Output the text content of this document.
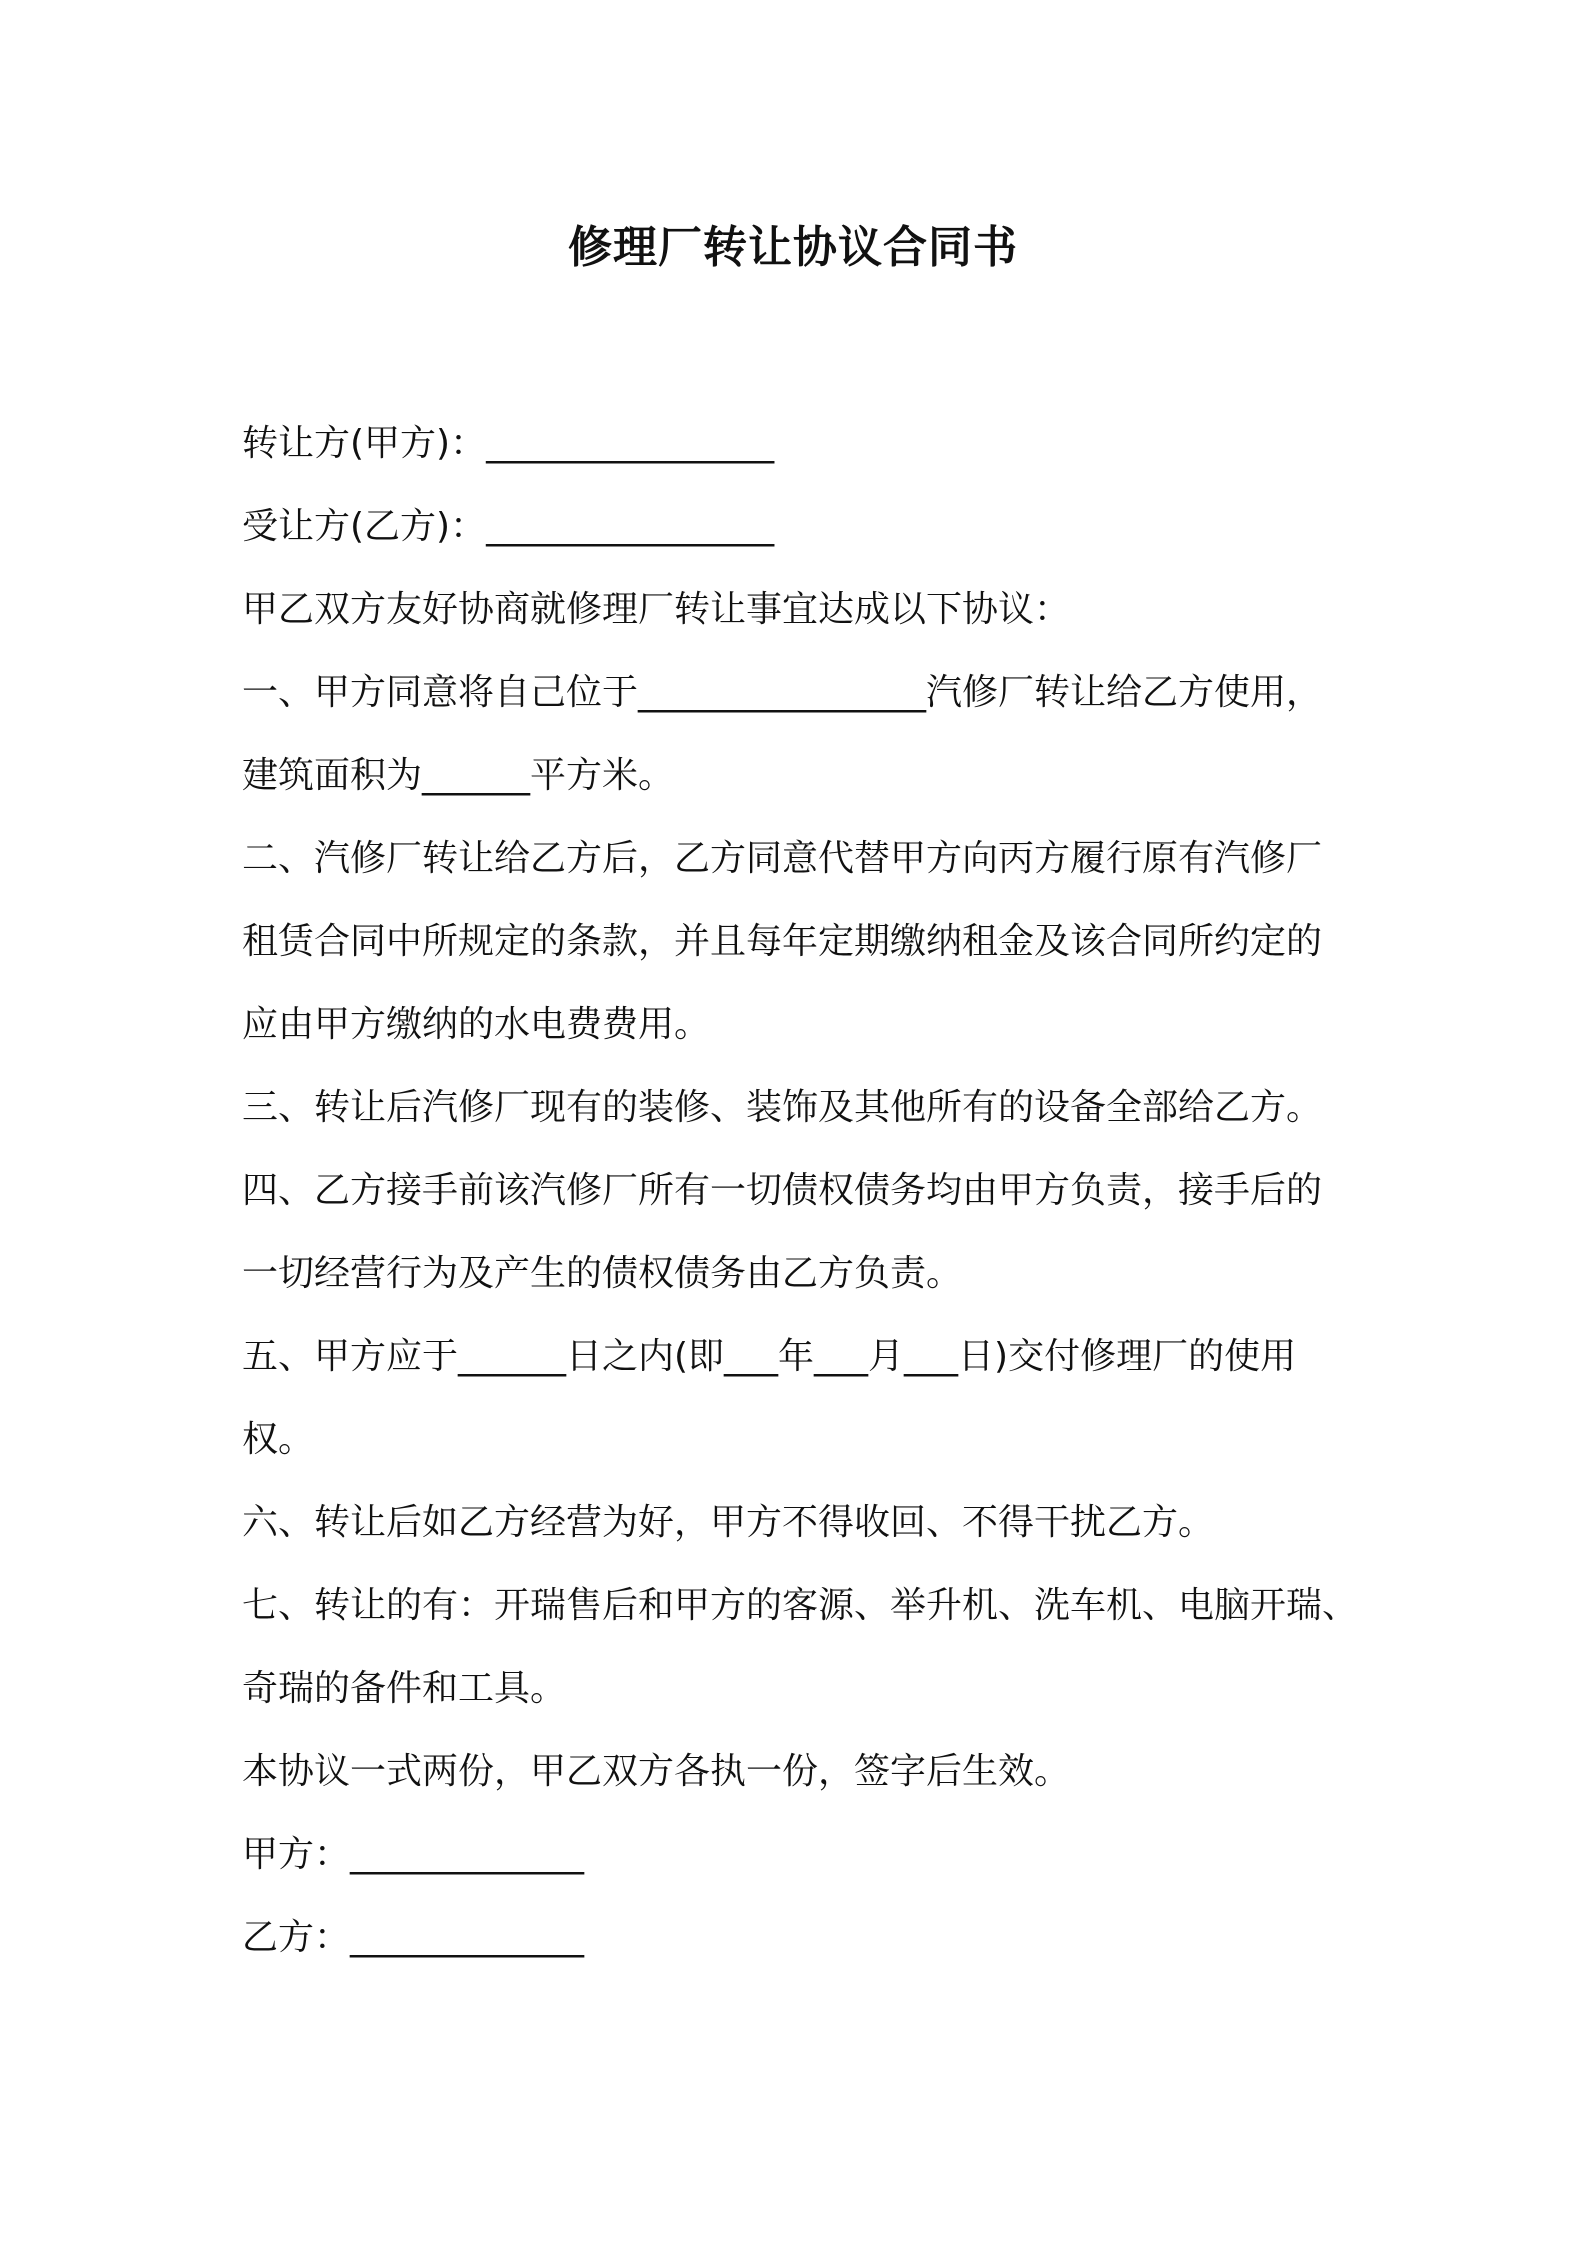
修理厂转让协议合同书

转让方(甲方)：________________

受让方(乙方)：________________

甲乙双方友好协商就修理厂转让事宜达成以下协议：

一、甲方同意将自己位于________________汽修厂转让给乙方使用，

建筑面积为______平方米。

二、汽修厂转让给乙方后，乙方同意代替甲方向丙方履行原有汽修厂

租赁合同中所规定的条款，并且每年定期缴纳租金及该合同所约定的

应由甲方缴纳的水电费费用。

三、转让后汽修厂现有的装修、装饰及其他所有的设备全部给乙方。

四、乙方接手前该汽修厂所有一切债权债务均由甲方负责，接手后的

一切经营行为及产生的债权债务由乙方负责。

五、甲方应于______日之内(即___年___月___日)交付修理厂的使用

权。

六、转让后如乙方经营为好，甲方不得收回、不得干扰乙方。

七、转让的有：开瑞售后和甲方的客源、举升机、洗车机、电脑开瑞、

奇瑞的备件和工具。

本协议一式两份，甲乙双方各执一份，签字后生效。

甲方：_____________

乙方：_____________
